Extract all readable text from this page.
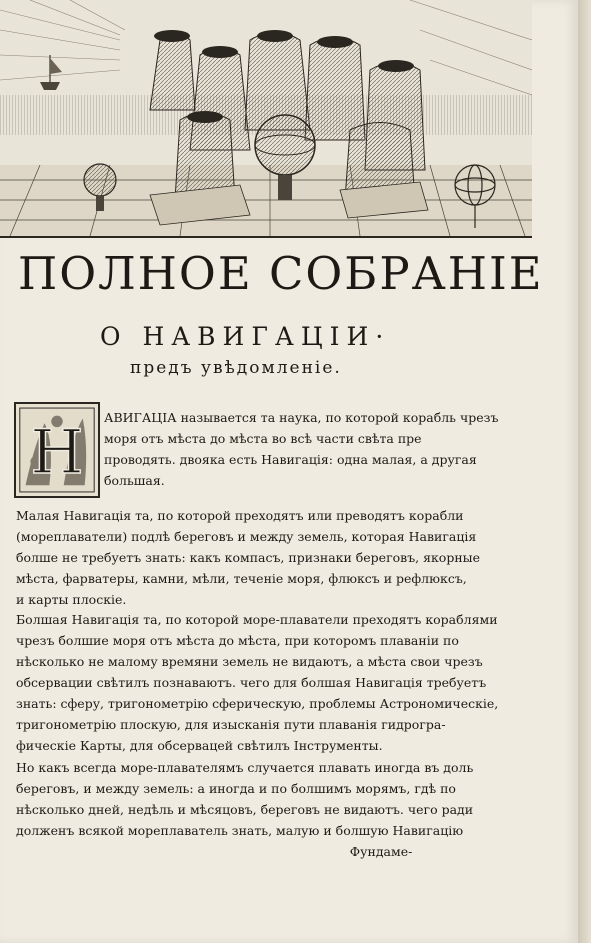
ПОЛНОЕ СОБРАНІЕ
О НАВИГАЦІИ·
предъ увѣдомленіе.
Н АВИГАЦІА называется та наука, по которой корабль чрезъ
моря отъ мѣста до мѣста во всѣ части свѣта пре
проводять. двояка есть Навигація: одна малая, а другая
большая.
Малая Навигація та, по которой преходятъ или преводятъ корабли
(мореплаватели) подлѣ береговъ и между земель, которая Навигація
болше не требуетъ знать: какъ компасъ, признаки береговъ, якорные
мѣста, фарватеры, камни, мѣли, теченіе моря, флюксъ и рефлюксъ,
и карты плоскіе.
Болшая Навигація та, по которой море-плаватели преходятъ кораблями
чрезъ болшие моря отъ мѣста до мѣста, при которомъ плаваніи по
нѣсколько не малому времяни земель не видаютъ, а мѣста свои чрезъ
обсервации свѣтилъ познаваютъ. чего для болшая Навигація требуетъ
знать: сферу, тригонометрію сферическую, проблемы Астрономическіе,
тригонометрію плоскую, для изысканія пути плаванія гидрогра-
фическіе Карты, для обсервацей свѣтилъ Інструменты.
Но какъ всегда море-плавателямъ случается плавать иногда въ доль
береговъ, и между земель: а иногда и по болшимъ морямъ, гдѣ по
нѣсколько дней, недѣль и мѣсяцовъ, береговъ не видаютъ. чего ради
долженъ всякой мореплаватель знать, малую и болшую Навигацію
Фундаме-
